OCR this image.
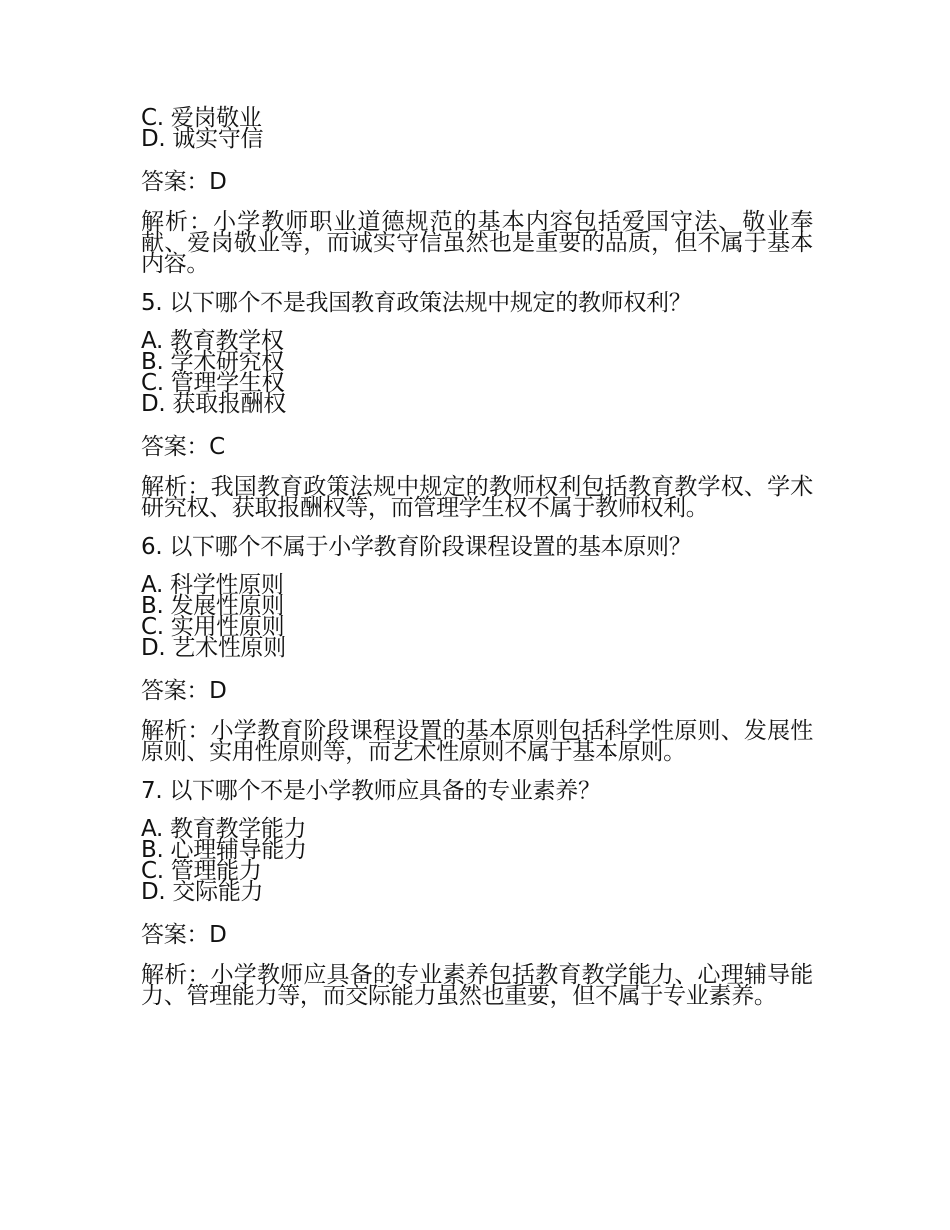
C. 爱岗敬业
D. 诚实守信
答案：D
解析：小学教师职业道德规范的基本内容包括爱国守法、敬业奉献、爱岗敬业等，而诚实守信虽然也是重要的品质，但不属于基本内容。
5. 以下哪个不是我国教育政策法规中规定的教师权利？
A. 教育教学权
B. 学术研究权
C. 管理学生权
D. 获取报酬权
答案：C
解析：我国教育政策法规中规定的教师权利包括教育教学权、学术研究权、获取报酬权等，而管理学生权不属于教师权利。
6. 以下哪个不属于小学教育阶段课程设置的基本原则？
A. 科学性原则
B. 发展性原则
C. 实用性原则
D. 艺术性原则
答案：D
解析：小学教育阶段课程设置的基本原则包括科学性原则、发展性原则、实用性原则等，而艺术性原则不属于基本原则。
7. 以下哪个不是小学教师应具备的专业素养？
A. 教育教学能力
B. 心理辅导能力
C. 管理能力
D. 交际能力
答案：D
解析：小学教师应具备的专业素养包括教育教学能力、心理辅导能力、管理能力等，而交际能力虽然也重要，但不属于专业素养。
